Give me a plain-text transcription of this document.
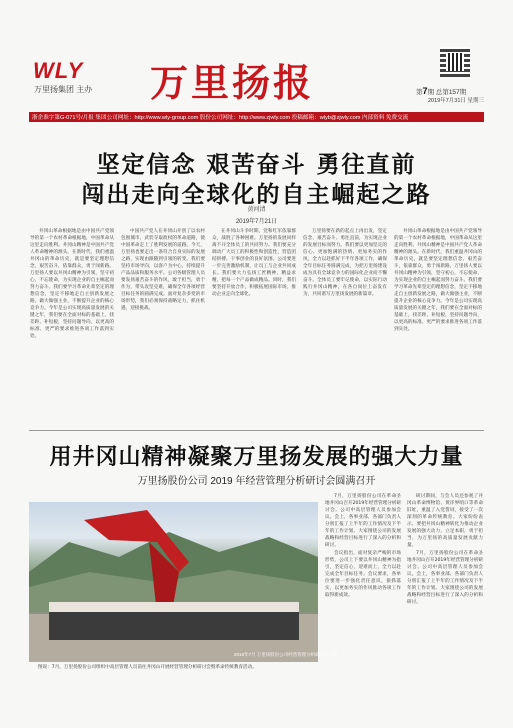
WLY
万里扬集团 主办 万里扬报	第7期 总第157期
2019年7月31日 星期三
浙企准字第G-071号/月报 集团公司网址：http://www.wly-group.com 股份公司网址：http://www.zjwly.com 投稿邮箱：wlyb@zjwly.com 内部资料 免费交流
坚定信念 艰苦奋斗 勇往直前
闯出走向全球化的自主崛起之路
黄河清
2019年7月21日

井冈山革命根据地是由中国共产党领导的第一个农村革命根据地，中国革命从这里走向胜利。井冈山精神是中国共产党人革命精神的源头。在新时代，我们重温井冈山的革命历史，就是要坚定理想信念，艰苦奋斗，依靠群众，勇于闯新路。万里扬人要以井冈山精神为引领，坚守初心，不忘使命，为实现企业的自主崛起而努力奋斗。我们要学习革命先辈坚定的理想信念，坚定不移地走自主创新发展之路，做大做强主业，不断提升企业的核心竞争力。今年是公司实现高质量发展的关键之年，我们要在全面对标的基础上，找差距、补短板，坚持问题导向，以更高的标准、更严的要求推进各项工作落到实处。

中国共产党人在井冈山开创了以农村包围城市、武装夺取政权的革命道路，使中国革命走上了胜利发展的道路。今天，万里扬也要走出一条符合自身实际的发展之路，实现由跟随到引领的转变。我们要坚持市场导向，以客户为中心，持续提升产品品质和服务水平。公司各级管理人员要发扬艰苦奋斗的作风，敢于担当，勇于作为，带头攻坚克难，确保全年各项经营目标任务的圆满完成。面对复杂多变的市场形势，我们必须保持战略定力，抓住机遇，迎接挑战。

在井冈山斗争时期，党和红军依靠群众，战胜了各种困难。万里扬的发展同样离不开全体员工的共同努力。我们要充分调动广大员工的积极性和创造性，营造团结拼搏、干事创业的良好氛围。公司要进一步完善激励机制，让员工与企业共同成长。我们要大力弘扬工匠精神，精益求精，把每一个产品做成精品。同时，我们要坚持开放合作，积极拓展国际市场，推动企业走向全球化。

万里扬要在新的起点上再出发，坚定信念、艰苦奋斗、勇往直前，为实现企业的发展目标而努力。我们要以更加坚定的信心、更加饱满的热情、更加务实的作风，全力以赴抓好下半年各项工作，确保全年目标任务圆满完成，为把万里扬建设成为具有全球竞争力的国际化企业而不懈奋斗。全体员工要牢记使命，以实际行动践行井冈山精神，在各自岗位上奋发有为，共同谱写万里扬发展的新篇章。

井冈山革命根据地是由中国共产党领导的第一个农村革命根据地，中国革命从这里走向胜利。井冈山精神是中国共产党人革命精神的源头。在新时代，我们重温井冈山的革命历史，就是要坚定理想信念，艰苦奋斗，依靠群众，勇于闯新路。万里扬人要以井冈山精神为引领，坚守初心，不忘使命，为实现企业的自主崛起而努力奋斗。我们要学习革命先辈坚定的理想信念，坚定不移地走自主创新发展之路，做大做强主业，不断提升企业的核心竞争力。今年是公司实现高质量发展的关键之年，我们要在全面对标的基础上，找差距、补短板，坚持问题导向，以更高的标准、更严的要求推进各项工作落到实处。

用井冈山精神凝聚万里扬发展的强大力量
万里扬股份公司 2019 年经营管理分析研讨会圆满召开
2019年7月 万里扬股份公司经营管理分析研讨会合影

图说：7月，万里扬股份公司组织中高层管理人员前往井冈山开展经营管理分析研讨会暨革命传统教育活动。

7月，万里扬股份公司在革命圣地井冈山召开2019年经营管理分析研讨会。公司中高层管理人员参加会议。会上，各事业部、各部门负责人分别汇报了上半年的工作情况及下半年的工作计划。大家围绕公司的发展战略和经营目标进行了深入的分析和研讨。

会议指出，面对复杂严峻的市场形势，公司上下要以井冈山精神为指引，坚定信心，迎难而上，全力以赴完成全年目标任务。会议要求，各单位要进一步强化责任意识，狠抓落实，以更加务实的作风推动各项工作取得新成效。

研讨期间，与会人员还参观了井冈山革命博物馆、黄洋界哨口等革命旧址，重温了入党誓词，接受了一次深刻的革命传统教育。大家纷纷表示，要把井冈山精神转化为推动企业发展的强大动力，立足本职，勇于担当，为万里扬的高质量发展贡献力量。

7月，万里扬股份公司在革命圣地井冈山召开2019年经营管理分析研讨会。公司中高层管理人员参加会议。会上，各事业部、各部门负责人分别汇报了上半年的工作情况及下半年的工作计划。大家围绕公司的发展战略和经营目标进行了深入的分析和研讨。
